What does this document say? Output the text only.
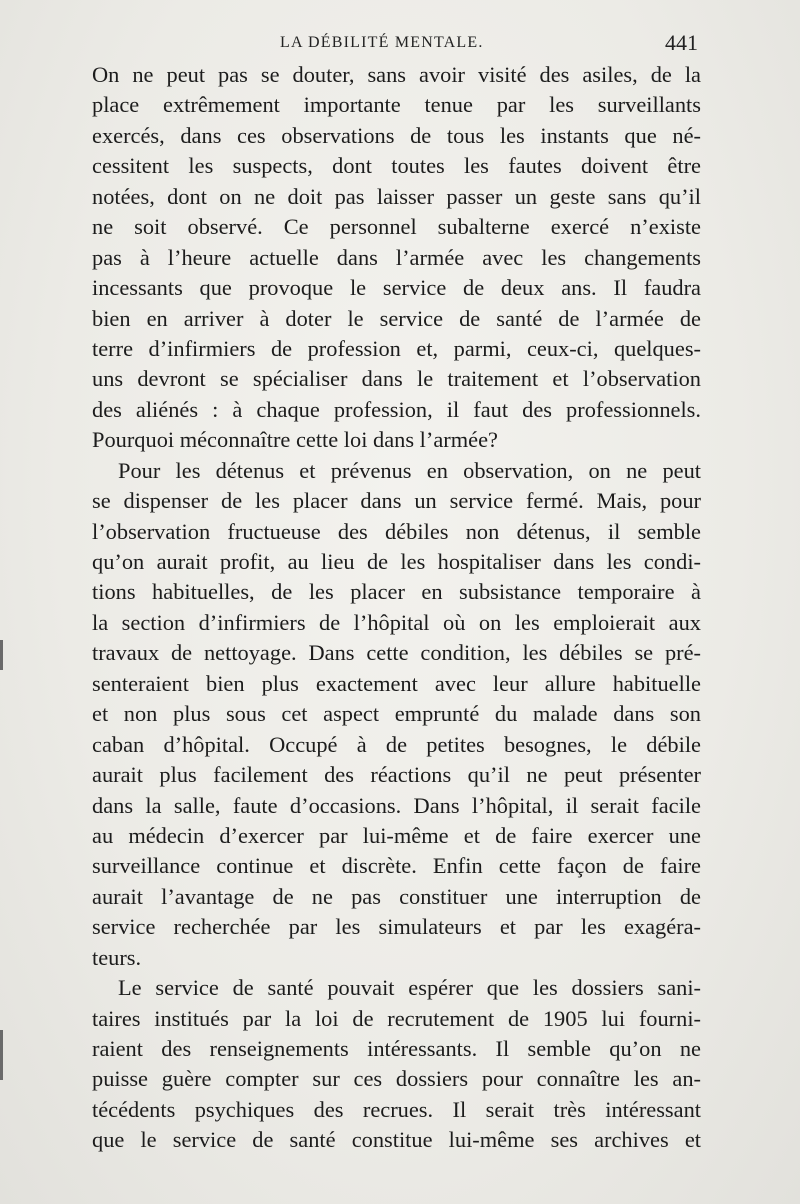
LA DÉBILITÉ MENTALE.	441
On ne peut pas se douter, sans avoir visité des asiles, de la
place extrêmement importante tenue par les surveillants
exercés, dans ces observations de tous les instants que né-
cessitent les suspects, dont toutes les fautes doivent être
notées, dont on ne doit pas laisser passer un geste sans qu’il
ne soit observé. Ce personnel subalterne exercé n’existe
pas à l’heure actuelle dans l’armée avec les changements
incessants que provoque le service de deux ans. Il faudra
bien en arriver à doter le service de santé de l’armée de
terre d’infirmiers de profession et, parmi, ceux-ci, quelques-
uns devront se spécialiser dans le traitement et l’observation
des aliénés : à chaque profession, il faut des professionnels.
Pourquoi méconnaître cette loi dans l’armée?
Pour les détenus et prévenus en observation, on ne peut
se dispenser de les placer dans un service fermé. Mais, pour
l’observation fructueuse des débiles non détenus, il semble
qu’on aurait profit, au lieu de les hospitaliser dans les condi-
tions habituelles, de les placer en subsistance temporaire à
la section d’infirmiers de l’hôpital où on les emploierait aux
travaux de nettoyage. Dans cette condition, les débiles se pré-
senteraient bien plus exactement avec leur allure habituelle
et non plus sous cet aspect emprunté du malade dans son
caban d’hôpital. Occupé à de petites besognes, le débile
aurait plus facilement des réactions qu’il ne peut présenter
dans la salle, faute d’occasions. Dans l’hôpital, il serait facile
au médecin d’exercer par lui-même et de faire exercer une
surveillance continue et discrète. Enfin cette façon de faire
aurait l’avantage de ne pas constituer une interruption de
service recherchée par les simulateurs et par les exagéra-
teurs.
Le service de santé pouvait espérer que les dossiers sani-
taires institués par la loi de recrutement de 1905 lui fourni-
raient des renseignements intéressants. Il semble qu’on ne
puisse guère compter sur ces dossiers pour connaître les an-
técédents psychiques des recrues. Il serait très intéressant
que le service de santé constitue lui-même ses archives et
